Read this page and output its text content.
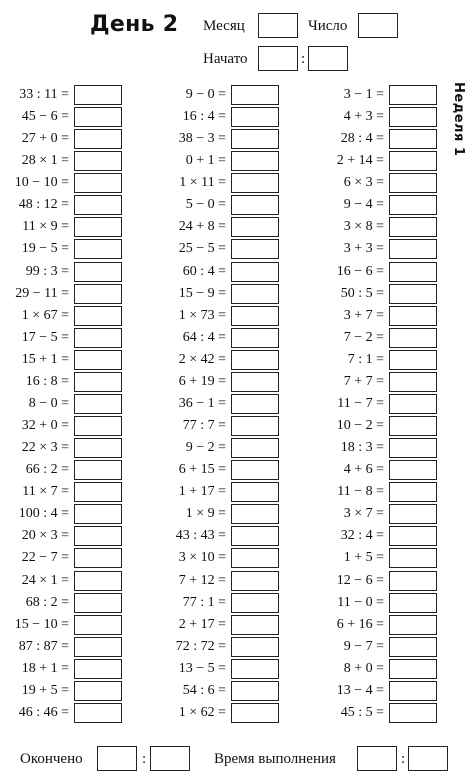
День 2 Месяц	Число
Начато	:
Неделя 1
33 : 11 =
45 − 6 =
27 + 0 =
28 × 1 =
10 − 10 =
48 : 12 =
11 × 9 =
19 − 5 =
99 : 3 =
29 − 11 =
1 × 67 =
17 − 5 =
15 + 1 =
16 : 8 =
8 − 0 =
32 + 0 =
22 × 3 =
66 : 2 =
11 × 7 =
100 : 4 =
20 × 3 =
22 − 7 =
24 × 1 =
68 : 2 =
15 − 10 =
87 : 87 =
18 + 1 =
19 + 5 =
46 : 46 =
9 − 0 =
16 : 4 =
38 − 3 =
0 + 1 =
1 × 11 =
5 − 0 =
24 + 8 =
25 − 5 =
60 : 4 =
15 − 9 =
1 × 73 =
64 : 4 =
2 × 42 =
6 + 19 =
36 − 1 =
77 : 7 =
9 − 2 =
6 + 15 =
1 + 17 =
1 × 9 =
43 : 43 =
3 × 10 =
7 + 12 =
77 : 1 =
2 + 17 =
72 : 72 =
13 − 5 =
54 : 6 =
1 × 62 =
3 − 1 =
4 + 3 =
28 : 4 =
2 + 14 =
6 × 3 =
9 − 4 =
3 × 8 =
3 + 3 =
16 − 6 =
50 : 5 =
3 + 7 =
7 − 2 =
7 : 1 =
7 + 7 =
11 − 7 =
10 − 2 =
18 : 3 =
4 + 6 =
11 − 8 =
3 × 7 =
32 : 4 =
1 + 5 =
12 − 6 =
11 − 0 =
6 + 16 =
9 − 7 =
8 + 0 =
13 − 4 =
45 : 5 =
Окончено	:	Время выполнения	:
